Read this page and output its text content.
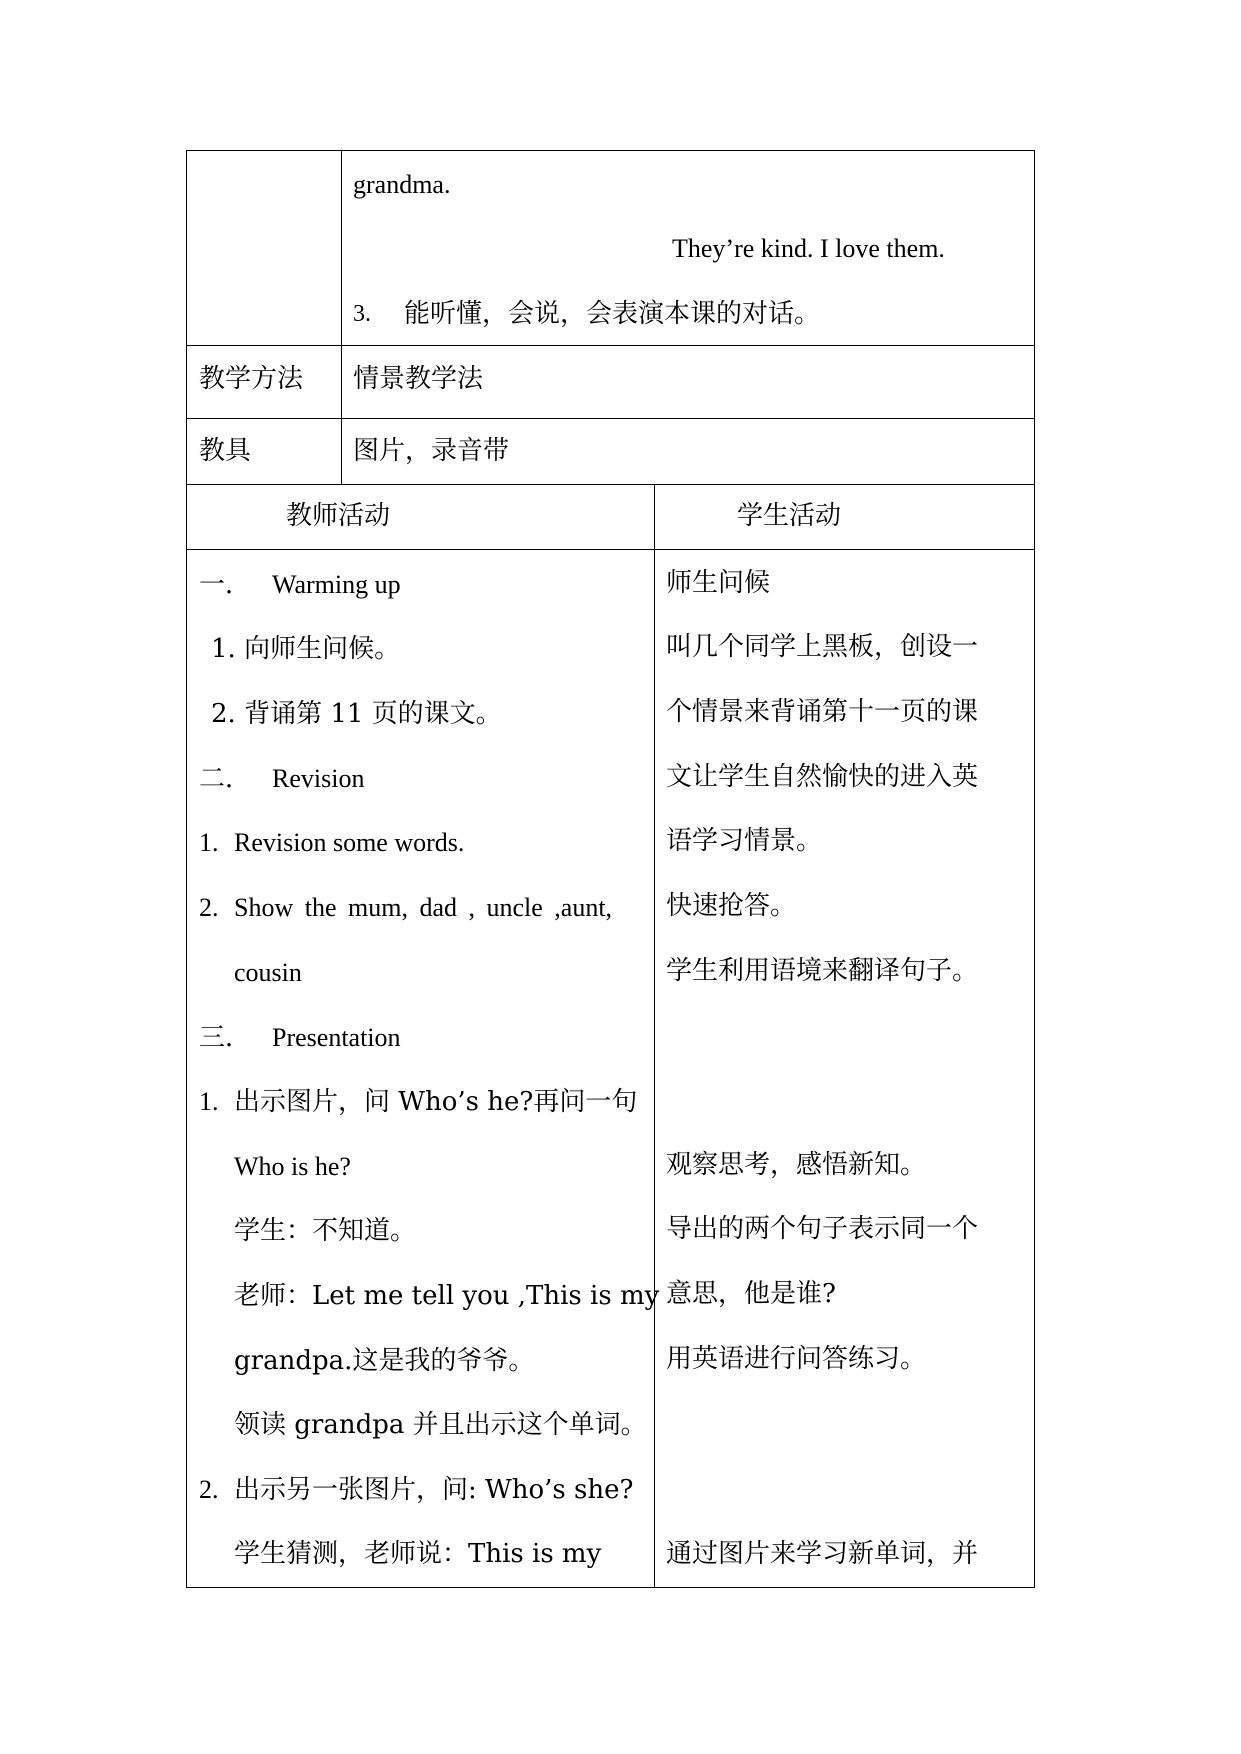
grandma.
They’re kind. I love them.
3. 能听懂，会说，会表演本课的对话。
教学方法 情景教学法
教具	图片，录音带
教师活动	学生活动
一． Warming up
1. 向师生问候。
2. 背诵第 11 页的课文。
二． Revision
1. Revision some words.
2. Show the mum, dad , uncle ,aunt,
cousin
三． Presentation
1. 出示图片，问 Who’s he?再问一句
Who is he?
学生：不知道。
老师：Let me tell you ,This is my
grandpa.这是我的爷爷。
领读 grandpa 并且出示这个单词。
2. 出示另一张图片，问: Who’s she?
学生猜测，老师说：This is my
师生问候
叫几个同学上黑板，创设一
个情景来背诵第十一页的课
文让学生自然愉快的进入英
语学习情景。
快速抢答。
学生利用语境来翻译句子。
观察思考，感悟新知。
导出的两个句子表示同一个
意思，他是谁?
用英语进行问答练习。
通过图片来学习新单词，并
